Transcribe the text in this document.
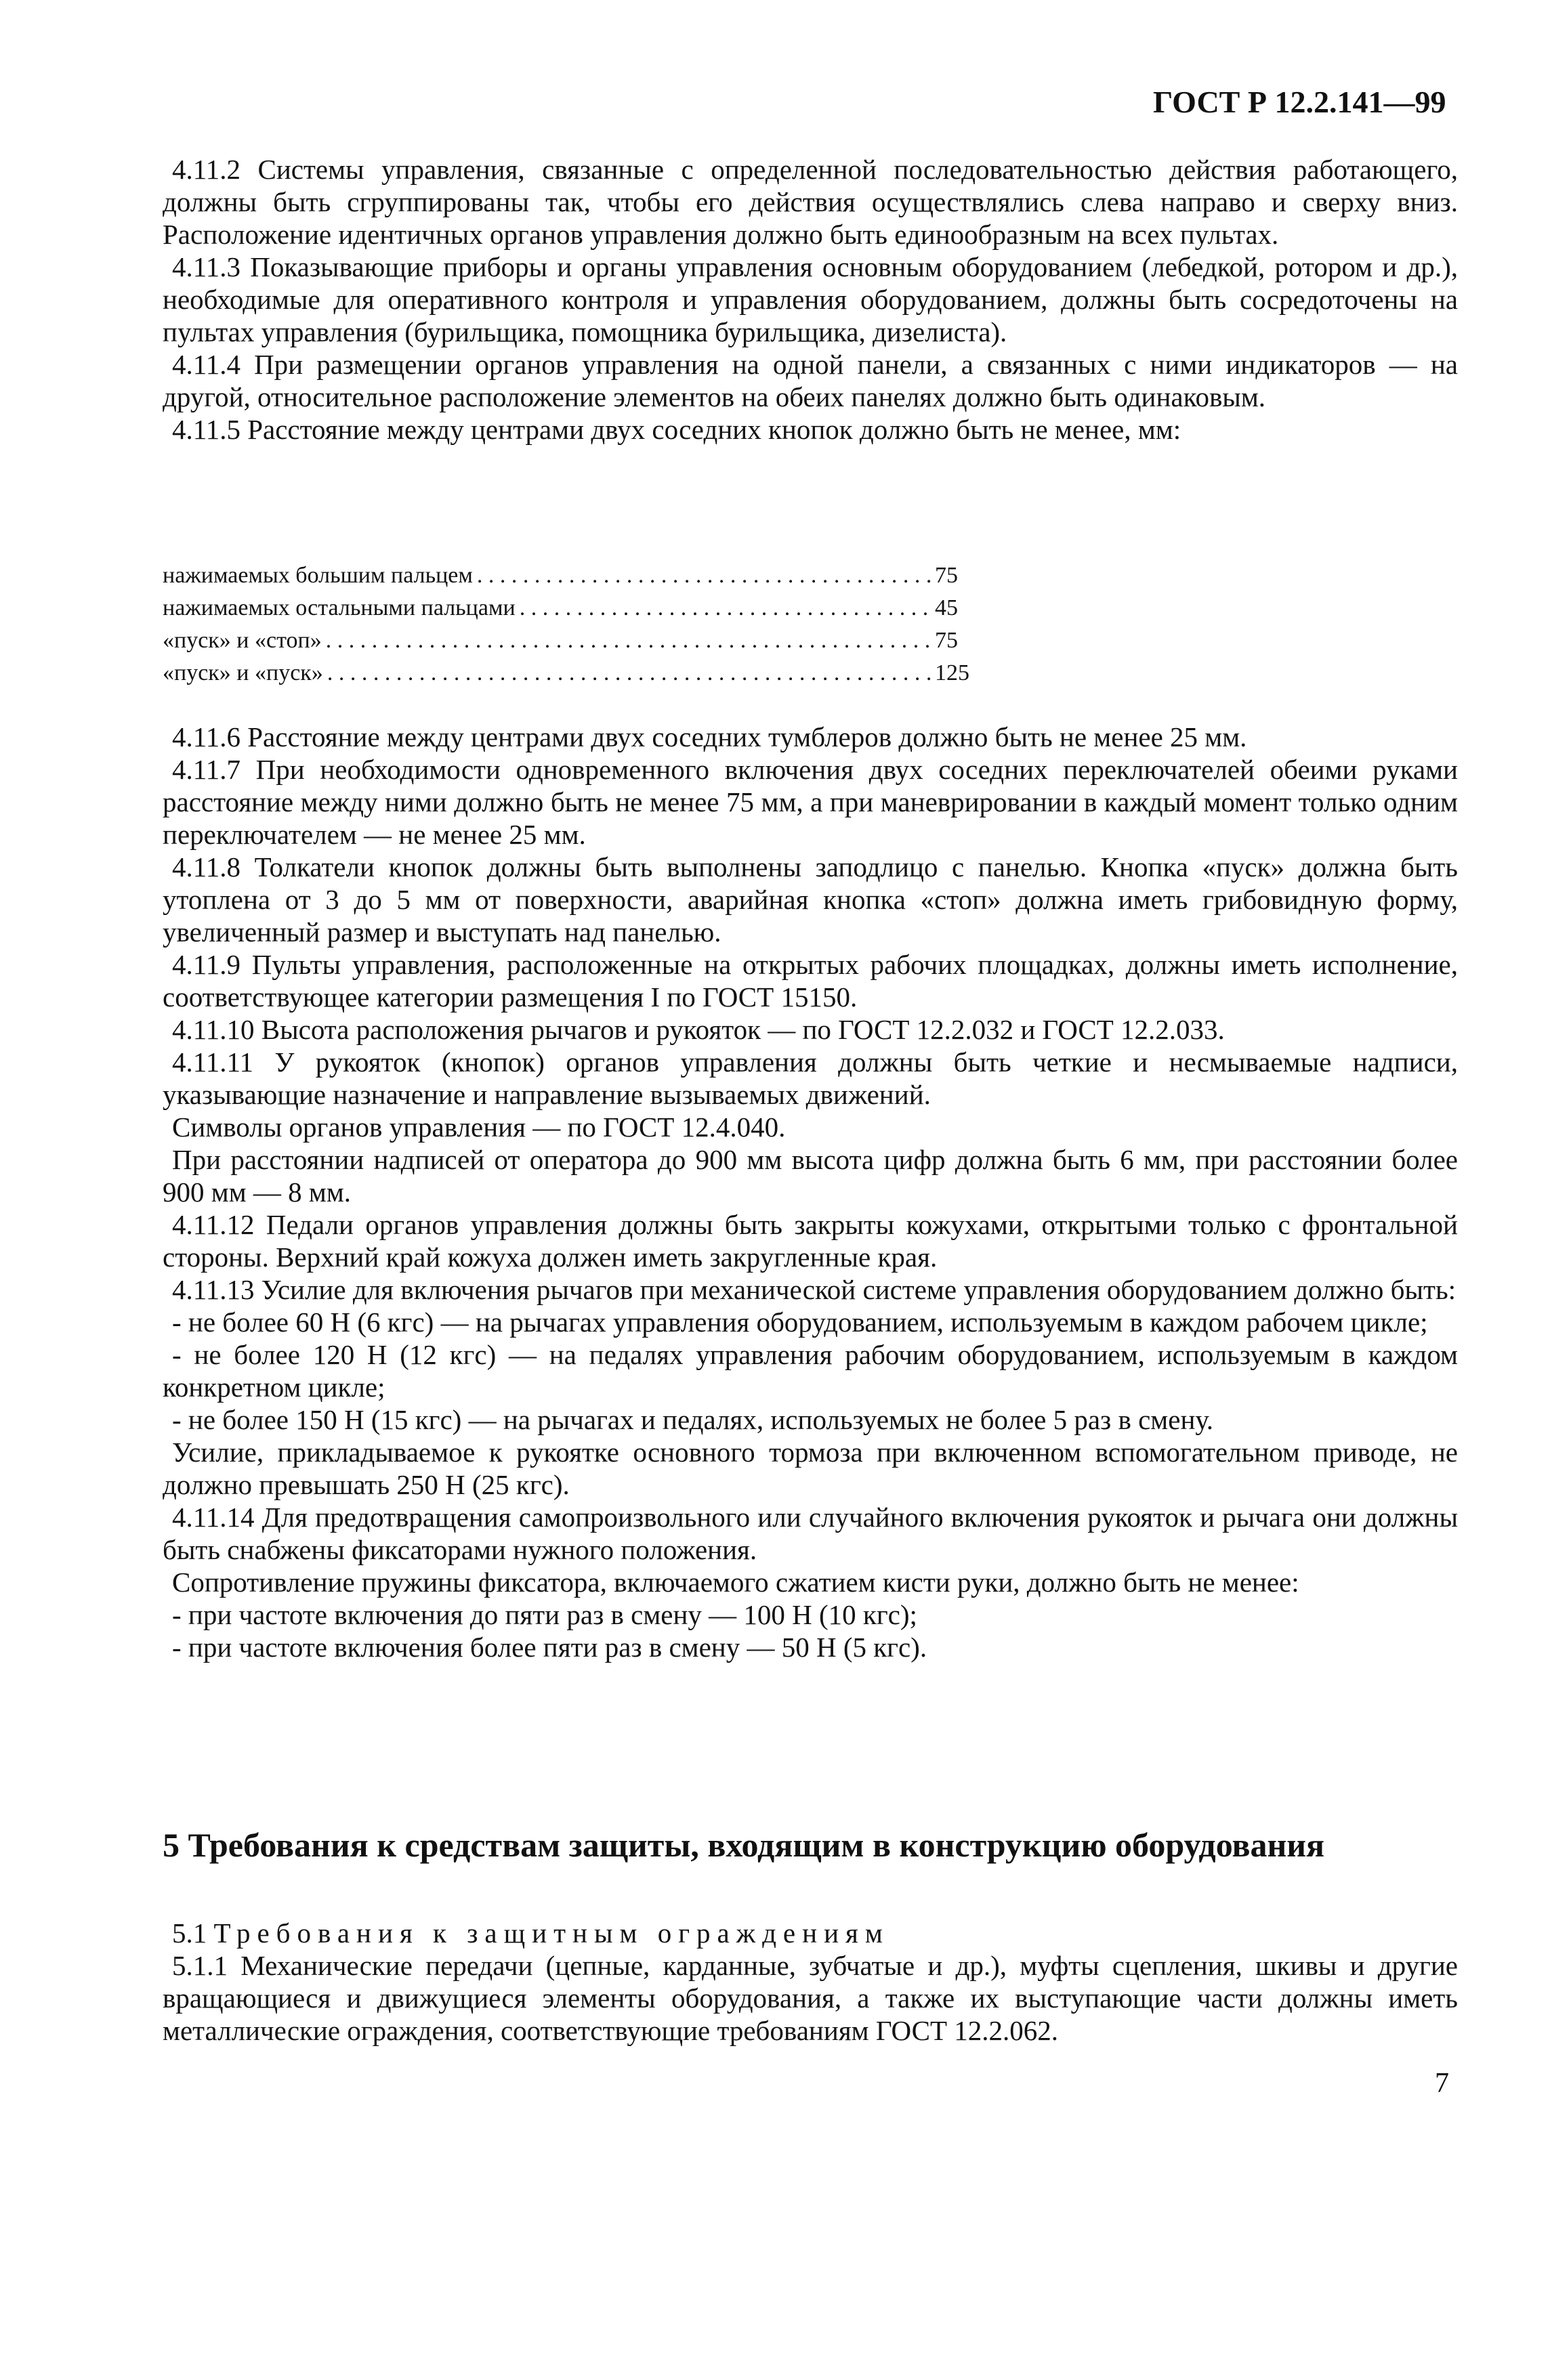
ГОСТ Р 12.2.141—99

4.11.2 Системы управления, связанные с определенной последовательностью действия работающего, должны быть сгруппированы так, чтобы его действия осуществлялись слева направо и сверху вниз. Расположение идентичных органов управления должно быть единообразным на всех пультах.

4.11.3 Показывающие приборы и органы управления основным оборудованием (лебедкой, ротором и др.), необходимые для оперативного контроля и управления оборудованием, должны быть сосредоточены на пультах управления (бурильщика, помощника бурильщика, дизелиста).

4.11.4 При размещении органов управления на одной панели, а связанных с ними индикаторов — на другой, относительное расположение элементов на обеих панелях должно быть одинаковым.

4.11.5 Расстояние между центрами двух соседних кнопок должно быть не менее, мм:

нажимаемых большим пальцем . . .	75
нажимаемых остальными пальцами . . .	45
«пуск» и «стоп» . . .	75
«пуск» и «пуск» . . .	125

4.11.6 Расстояние между центрами двух соседних тумблеров должно быть не менее 25 мм.

4.11.7 При необходимости одновременного включения двух соседних переключателей обеими руками расстояние между ними должно быть не менее 75 мм, а при маневрировании в каждый момент только одним переключателем — не менее 25 мм.

4.11.8 Толкатели кнопок должны быть выполнены заподлицо с панелью. Кнопка «пуск» должна быть утоплена от 3 до 5 мм от поверхности, аварийная кнопка «стоп» должна иметь грибовидную форму, увеличенный размер и выступать над панелью.

4.11.9 Пульты управления, расположенные на открытых рабочих площадках, должны иметь исполнение, соответствующее категории размещения I по ГОСТ 15150.

4.11.10 Высота расположения рычагов и рукояток — по ГОСТ 12.2.032 и ГОСТ 12.2.033.

4.11.11 У рукояток (кнопок) органов управления должны быть четкие и несмываемые надписи, указывающие назначение и направление вызываемых движений.

Символы органов управления — по ГОСТ 12.4.040.

При расстоянии надписей от оператора до 900 мм высота цифр должна быть 6 мм, при расстоянии более 900 мм — 8 мм.

4.11.12 Педали органов управления должны быть закрыты кожухами, открытыми только с фронтальной стороны. Верхний край кожуха должен иметь закругленные края.

4.11.13 Усилие для включения рычагов при механической системе управления оборудованием должно быть:

- не более 60 Н (6 кгс) — на рычагах управления оборудованием, используемым в каждом рабочем цикле;

- не более 120 Н (12 кгс) — на педалях управления рабочим оборудованием, используемым в каждом конкретном цикле;

- не более 150 Н (15 кгс) — на рычагах и педалях, используемых не более 5 раз в смену.

Усилие, прикладываемое к рукоятке основного тормоза при включенном вспомогательном приводе, не должно превышать 250 Н (25 кгс).

4.11.14 Для предотвращения самопроизвольного или случайного включения рукояток и рычага они должны быть снабжены фиксаторами нужного положения.

Сопротивление пружины фиксатора, включаемого сжатием кисти руки, должно быть не менее:

- при частоте включения до пяти раз в смену — 100 Н (10 кгс);

- при частоте включения более пяти раз в смену — 50 Н (5 кгс).

5 Требования к средствам защиты, входящим в конструкцию оборудования

5.1 Требования к защитным ограждениям

5.1.1 Механические передачи (цепные, карданные, зубчатые и др.), муфты сцепления, шкивы и другие вращающиеся и движущиеся элементы оборудования, а также их выступающие части должны иметь металлические ограждения, соответствующие требованиям ГОСТ 12.2.062.

7
